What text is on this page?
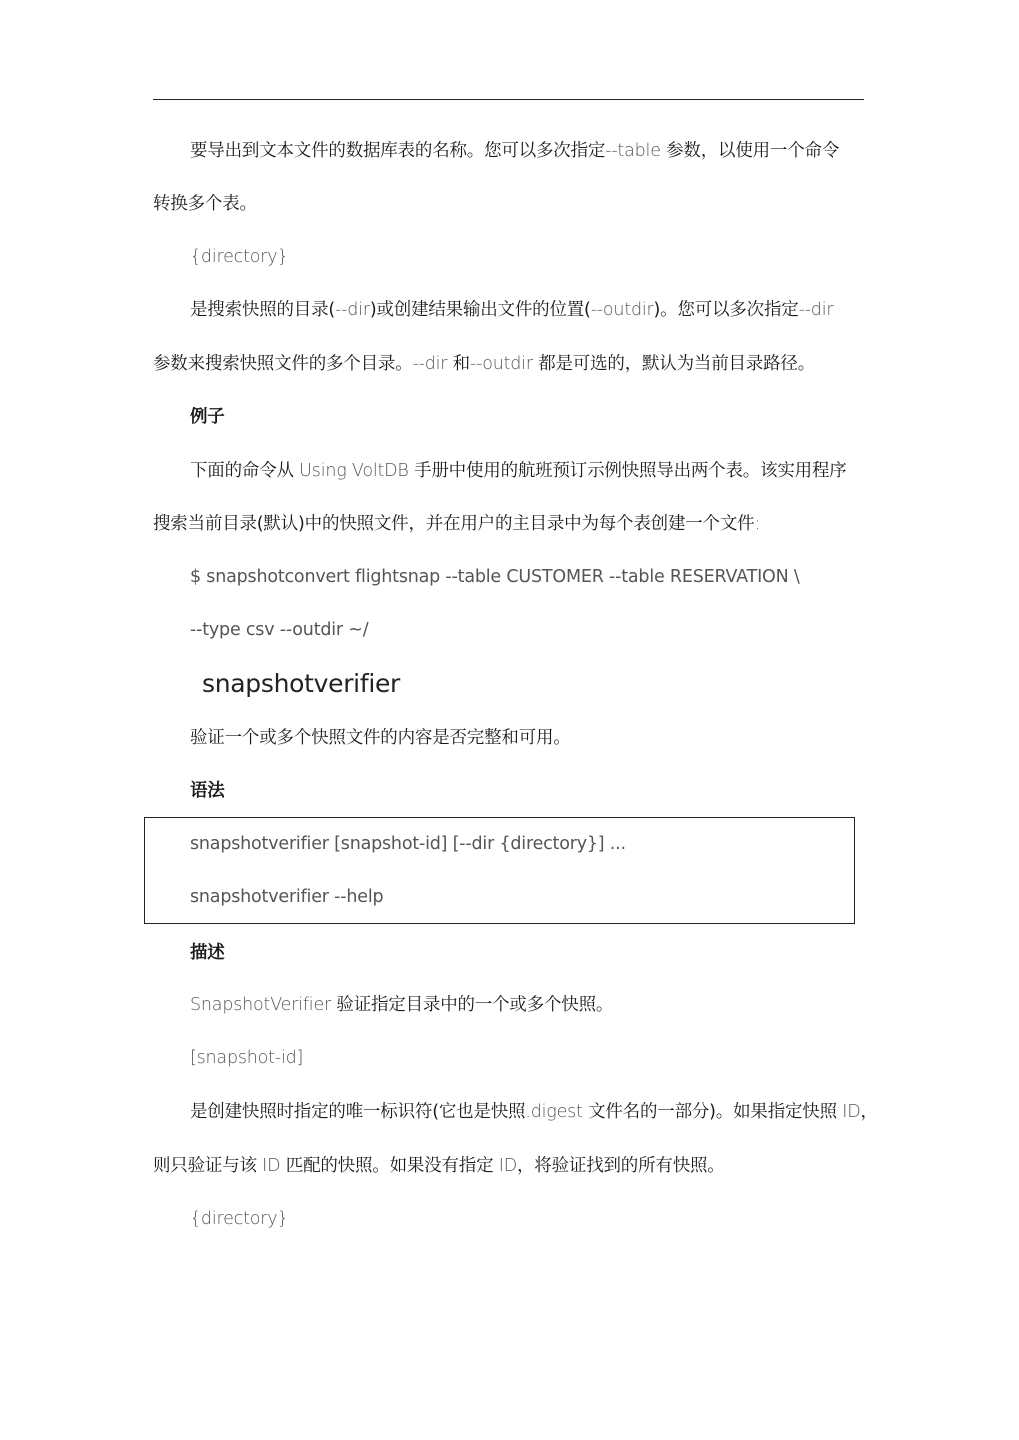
要导出到文本文件的数据库表的名称。您可以多次指定--table 参数，以使用一个命令
转换多个表。
{directory}
是搜索快照的目录(--dir)或创建结果输出文件的位置(--outdir)。您可以多次指定--dir
参数来搜索快照文件的多个目录。--dir 和--outdir 都是可选的，默认为当前目录路径。
例子
下面的命令从 Using VoltDB 手册中使用的航班预订示例快照导出两个表。该实用程序
搜索当前目录(默认)中的快照文件，并在用户的主目录中为每个表创建一个文件:
$ snapshotconvert flightsnap --table CUSTOMER --table RESERVATION \
--type csv --outdir ~/
snapshotverifier
验证一个或多个快照文件的内容是否完整和可用。
语法
snapshotverifier [snapshot-id] [--dir {directory}] ...
snapshotverifier --help
描述
SnapshotVerifier 验证指定目录中的一个或多个快照。
[snapshot-id]
是创建快照时指定的唯一标识符(它也是快照.digest 文件名的一部分)。如果指定快照 ID，
则只验证与该 ID 匹配的快照。如果没有指定 ID，将验证找到的所有快照。
{directory}
